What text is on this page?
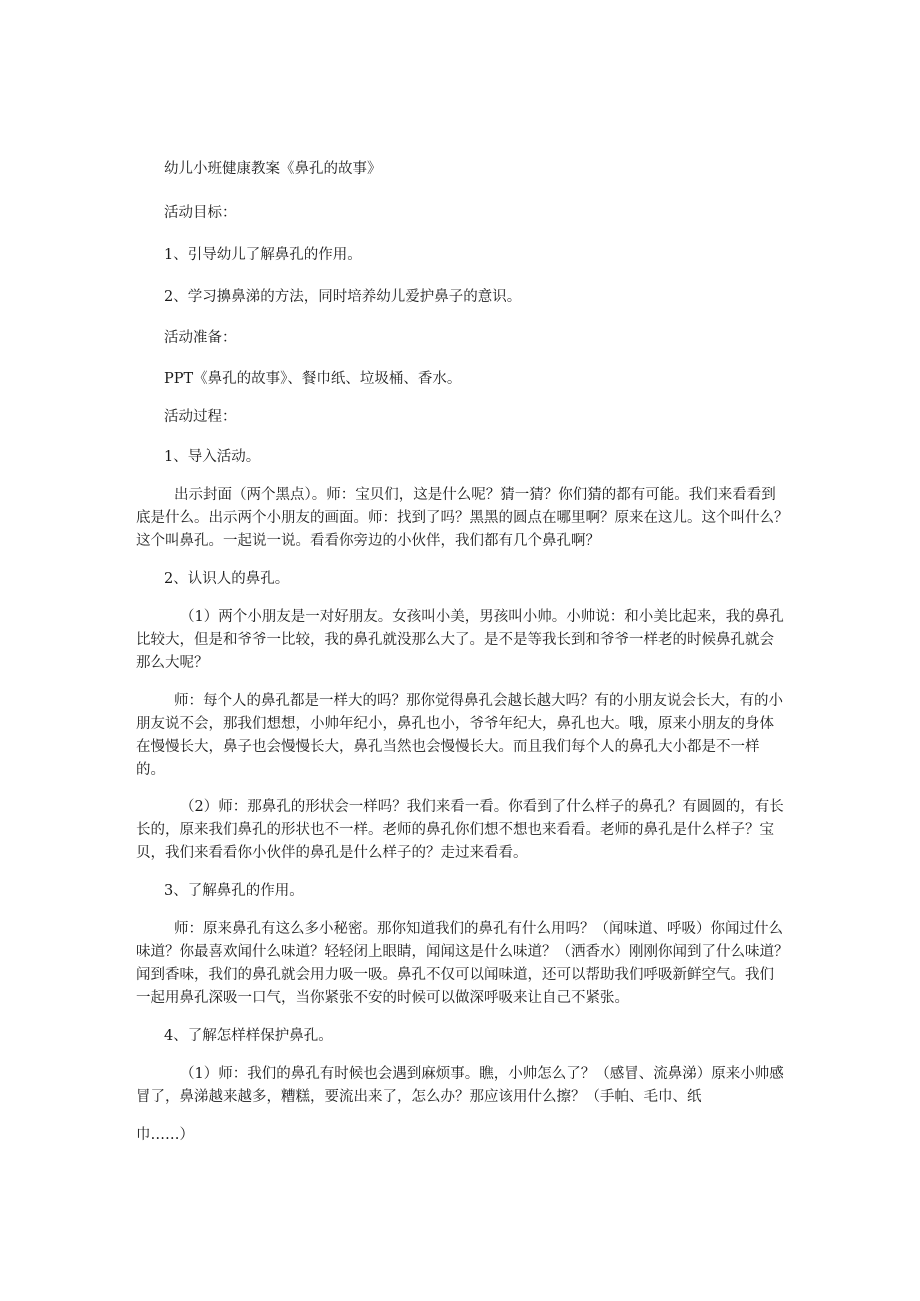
幼儿小班健康教案《鼻孔的故事》

活动目标：

1、引导幼儿了解鼻孔的作用。

2、学习擤鼻涕的方法，同时培养幼儿爱护鼻子的意识。

活动准备：

PPT《鼻孔的故事》、餐巾纸、垃圾桶、香水。

活动过程：

1、导入活动。

出示封面（两个黑点）。师：宝贝们，这是什么呢？猜一猜？你们猜的都有可能。我们来看看到

底是什么。出示两个小朋友的画面。师：找到了吗？黑黑的圆点在哪里啊？原来在这儿。这个叫什么？

这个叫鼻孔。一起说一说。看看你旁边的小伙伴，我们都有几个鼻孔啊？

2、认识人的鼻孔。

（1）两个小朋友是一对好朋友。女孩叫小美，男孩叫小帅。小帅说：和小美比起来，我的鼻孔

比较大，但是和爷爷一比较，我的鼻孔就没那么大了。是不是等我长到和爷爷一样老的时候鼻孔就会

那么大呢？

师：每个人的鼻孔都是一样大的吗？那你觉得鼻孔会越长越大吗？有的小朋友说会长大，有的小

朋友说不会，那我们想想，小帅年纪小，鼻孔也小，爷爷年纪大，鼻孔也大。哦，原来小朋友的身体

在慢慢长大，鼻子也会慢慢长大，鼻孔当然也会慢慢长大。而且我们每个人的鼻孔大小都是不一样

的。

（2）师：那鼻孔的形状会一样吗？我们来看一看。你看到了什么样子的鼻孔？有圆圆的，有长

长的，原来我们鼻孔的形状也不一样。老师的鼻孔你们想不想也来看看。老师的鼻孔是什么样子？宝

贝，我们来看看你小伙伴的鼻孔是什么样子的？走过来看看。

3、了解鼻孔的作用。

师：原来鼻孔有这么多小秘密。那你知道我们的鼻孔有什么用吗？（闻味道、呼吸）你闻过什么

味道？你最喜欢闻什么味道？轻轻闭上眼睛，闻闻这是什么味道？（洒香水）刚刚你闻到了什么味道？

闻到香味，我们的鼻孔就会用力吸一吸。鼻孔不仅可以闻味道，还可以帮助我们呼吸新鲜空气。我们

一起用鼻孔深吸一口气，当你紧张不安的时候可以做深呼吸来让自己不紧张。

4、了解怎样样保护鼻孔。

（1）师：我们的鼻孔有时候也会遇到麻烦事。瞧，小帅怎么了？（感冒、流鼻涕）原来小帅感

冒了，鼻涕越来越多，糟糕，要流出来了，怎么办？那应该用什么擦？（手帕、毛巾、纸

巾……）
